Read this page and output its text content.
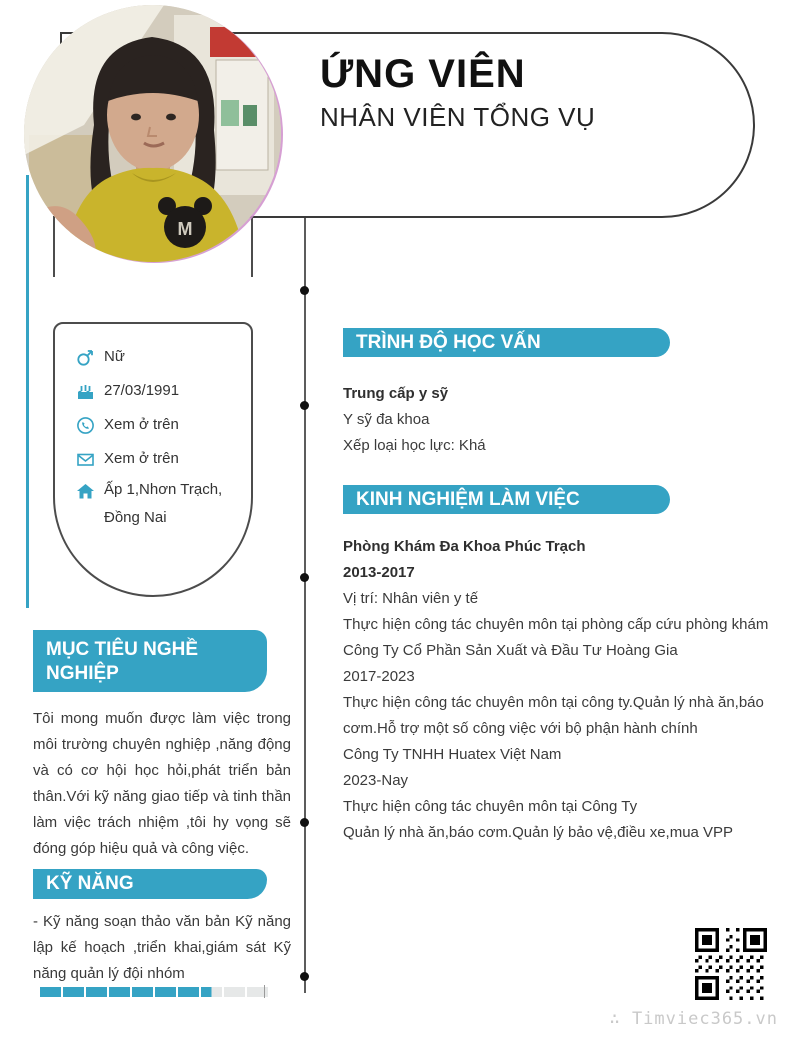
ỨNG VIÊN
NHÂN VIÊN TỔNG VỤ
M
Nữ
27/03/1991
Xem ở trên
Xem ở trên
Ấp 1,Nhơn Trạch, Đồng Nai
MỤC TIÊU NGHỀ NGHIỆP
Tôi mong muốn được làm việc trong môi trường chuyên nghiệp ,năng động và có cơ hội học hỏi,phát triển bản thân.Với kỹ năng giao tiếp và tinh thần làm việc trách nhiệm ,tôi hy vọng sẽ đóng góp hiệu quả và công việc.
KỸ NĂNG
- Kỹ năng soạn thảo văn bản Kỹ năng lập kế hoạch ,triển khai,giám sát Kỹ năng quản lý đội nhóm
TRÌNH ĐỘ HỌC VẤN
Trung cấp y sỹ
Y sỹ đa khoa
Xếp loại học lực: Khá
KINH NGHIỆM LÀM VIỆC
Phòng Khám Đa Khoa Phúc Trạch
2013-2017
Vị trí: Nhân viên y tế
Thực hiện công tác chuyên môn tại phòng cấp cứu phòng khám
Công Ty Cổ Phần Sản Xuất và Đầu Tư Hoàng Gia
2017-2023
Thực hiện công tác chuyên môn tại công ty.Quản lý nhà ăn,báo cơm.Hỗ trợ một số công việc với bộ phận hành chính
Công Ty TNHH Huatex Việt Nam
2023-Nay
Thực hiện công tác chuyên môn tại Công Ty
Quản lý nhà ăn,báo cơm.Quản lý bảo vệ,điều xe,mua VPP
∴ Timviec365.vn
